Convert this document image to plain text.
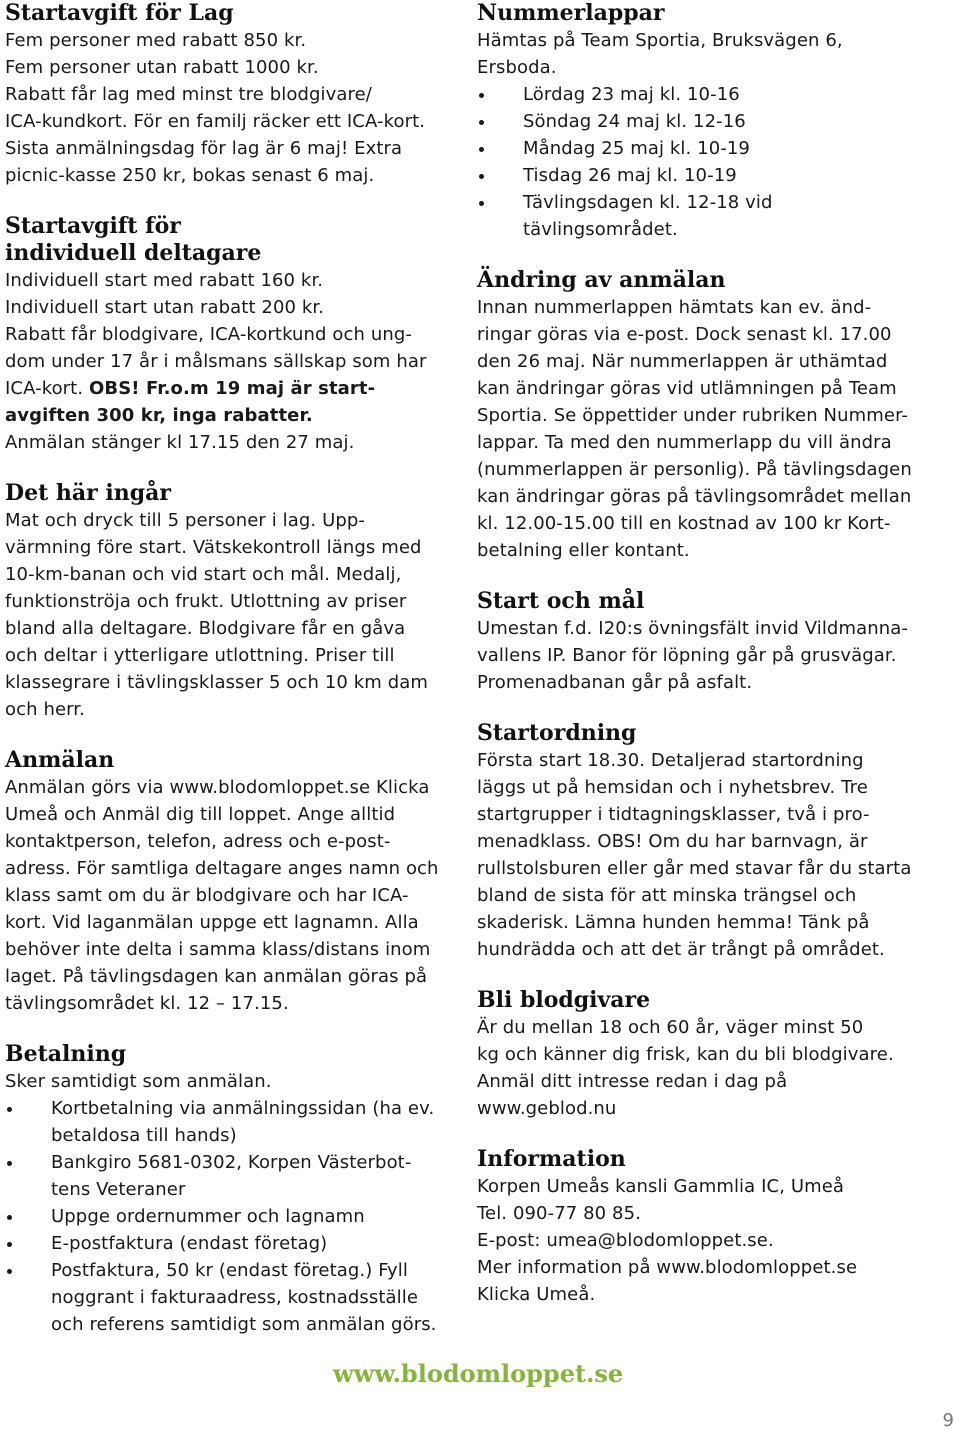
Startavgift för Lag

Fem personer med rabatt 850 kr.

Fem personer utan rabatt 1000 kr.

Rabatt får lag med minst tre blodgivare/

ICA-kundkort. För en familj räcker ett ICA-kort.

Sista anmälningsdag för lag är 6 maj! Extra

picnic-kasse 250 kr, bokas senast 6 maj.

Startavgift för
individuell deltagare

Individuell start med rabatt 160 kr.

Individuell start utan rabatt 200 kr.

Rabatt får blodgivare, ICA-kortkund och ung-

dom under 17 år i målsmans sällskap som har

ICA-kort. OBS! Fr.o.m 19 maj är start-

avgiften 300 kr, inga rabatter.

Anmälan stänger kl 17.15 den 27 maj.

Det här ingår

Mat och dryck till 5 personer i lag. Upp-

värmning före start. Vätskekontroll längs med

10-km-banan och vid start och mål. Medalj,

funktionströja och frukt. Utlottning av priser

bland alla deltagare. Blodgivare får en gåva

och deltar i ytterligare utlottning. Priser till

klassegrare i tävlingsklasser 5 och 10 km dam

och herr.

Anmälan

Anmälan görs via www.blodomloppet.se Klicka

Umeå och Anmäl dig till loppet. Ange alltid

kontaktperson, telefon, adress och e-post-

adress. För samtliga deltagare anges namn och

klass samt om du är blodgivare och har ICA-

kort. Vid laganmälan uppge ett lagnamn. Alla

behöver inte delta i samma klass/distans inom

laget. På tävlingsdagen kan anmälan göras på

tävlingsområdet kl. 12 – 17.15.

Betalning

Sker samtidigt som anmälan.

Kortbetalning via anmälningssidan (ha ev.
betaldosa till hands)
Bankgiro 5681-0302, Korpen Västerbot-
tens Veteraner
Uppge ordernummer och lagnamn
E-postfaktura (endast företag)
Postfaktura, 50 kr (endast företag.) Fyll
noggrant i fakturaadress, kostnadsställe
och referens samtidigt som anmälan görs.
Nummerlappar

Hämtas på Team Sportia, Bruksvägen 6,

Ersboda.

Lördag 23 maj kl. 10-16
Söndag 24 maj kl. 12-16
Måndag 25 maj kl. 10-19
Tisdag 26 maj kl. 10-19
Tävlingsdagen kl. 12-18 vid
tävlingsområdet.
Ändring av anmälan

Innan nummerlappen hämtats kan ev. änd-

ringar göras via e-post. Dock senast kl. 17.00

den 26 maj. När nummerlappen är uthämtad

kan ändringar göras vid utlämningen på Team

Sportia. Se öppettider under rubriken Nummer-

lappar. Ta med den nummerlapp du vill ändra

(nummerlappen är personlig). På tävlingsdagen

kan ändringar göras på tävlingsområdet mellan

kl. 12.00-15.00 till en kostnad av 100 kr Kort-

betalning eller kontant.

Start och mål

Umestan f.d. I20:s övningsfält invid Vildmanna-

vallens IP. Banor för löpning går på grusvägar.

Promenadbanan går på asfalt.

Startordning

Första start 18.30. Detaljerad startordning

läggs ut på hemsidan och i nyhetsbrev. Tre

startgrupper i tidtagningsklasser, två i pro-

menadklass. OBS! Om du har barnvagn, är

rullstolsburen eller går med stavar får du starta

bland de sista för att minska trängsel och

skaderisk. Lämna hunden hemma! Tänk på

hundrädda och att det är trångt på området.

Bli blodgivare

Är du mellan 18 och 60 år, väger minst 50

kg och känner dig frisk, kan du bli blodgivare.

Anmäl ditt intresse redan i dag på

www.geblod.nu

Information

Korpen Umeås kansli Gammlia IC, Umeå

Tel. 090-77 80 85.

E-post: umea@blodomloppet.se.

Mer information på www.blodomloppet.se

Klicka Umeå.

www.blodomloppet.se
9
